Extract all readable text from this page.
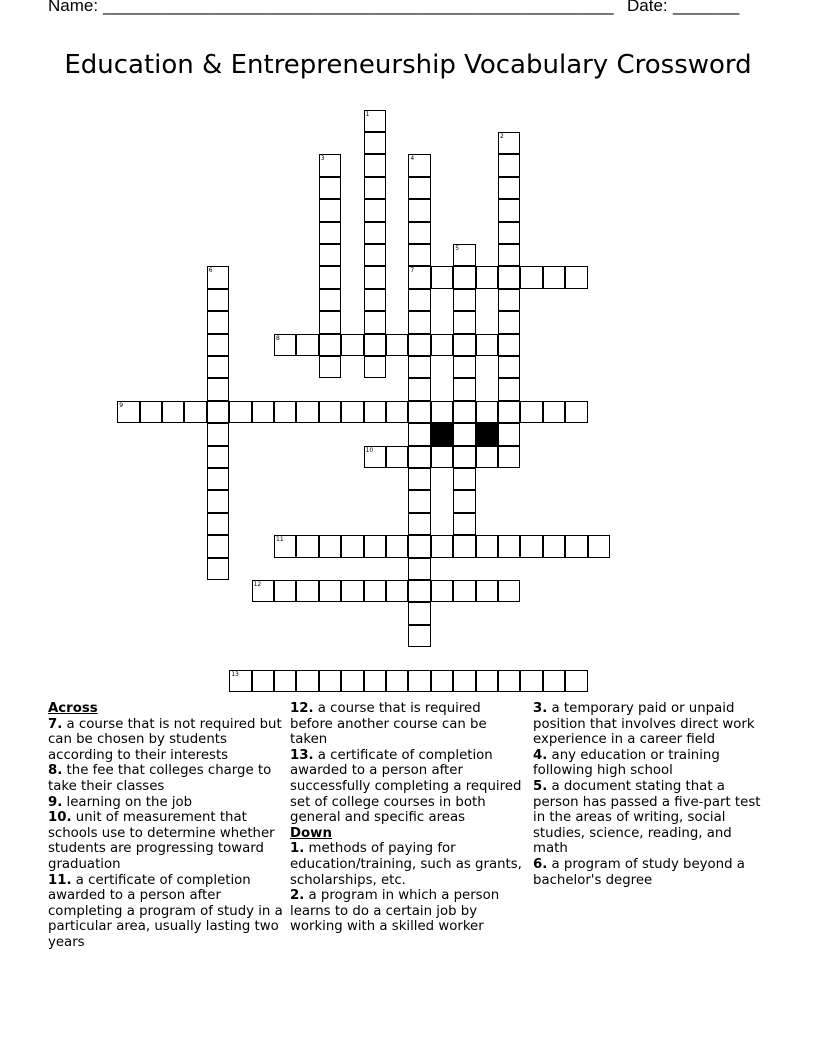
Name: ______________________________________________________ Date: _______
Education & Entrepreneurship Vocabulary Crossword
1
2
3	4
7
5
6
8
9
10
11
12
13
Across
7. a course that is not required but can be chosen by students according to their interests
8. the fee that colleges charge to take their classes
9. learning on the job
10. unit of measurement that schools use to determine whether students are progressing toward graduation
11. a certificate of completion awarded to a person after completing a program of study in a particular area, usually lasting two years
12. a course that is required before another course can be taken
13. a certificate of completion awarded to a person after successfully completing a required set of college courses in both general and specific areas
Down
1. methods of paying for education/training, such as grants, scholarships, etc.
2. a program in which a person learns to do a certain job by working with a skilled worker
3. a temporary paid or unpaid position that involves direct work experience in a career field
4. any education or training following high school
5. a document stating that a person has passed a five-part test in the areas of writing, social studies, science, reading, and math
6. a program of study beyond a bachelor's degree
